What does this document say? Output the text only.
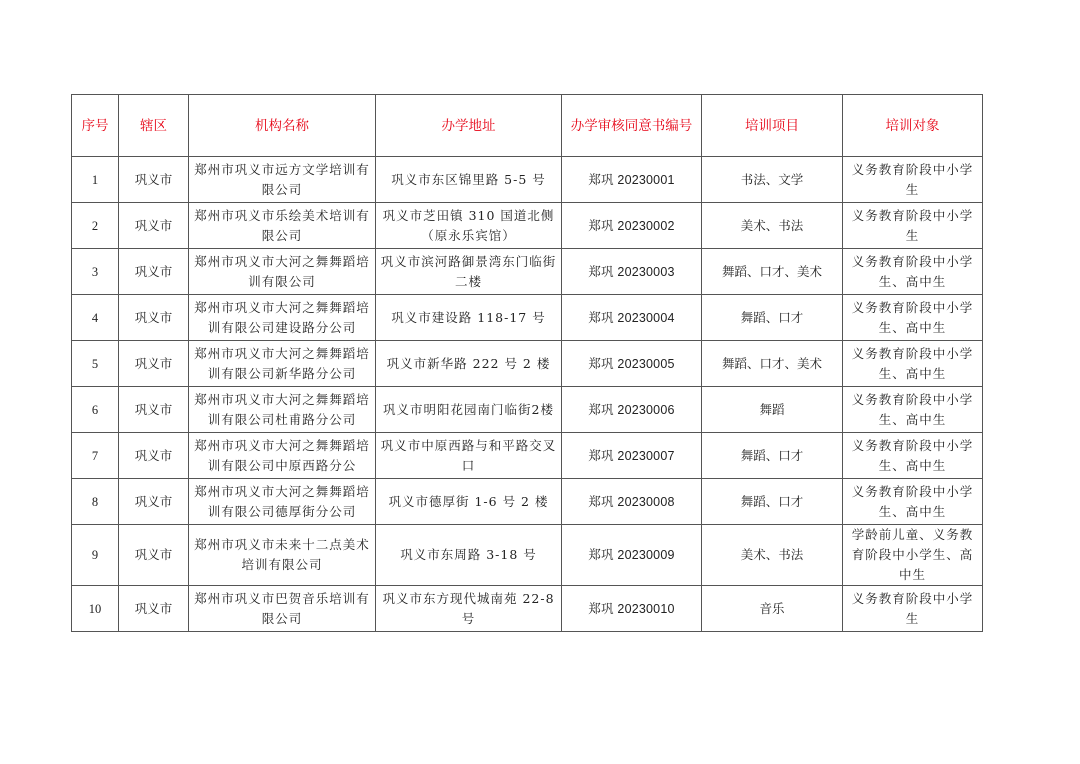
序号	辖区	机构名称	办学地址	办学审核同意书编号	培训项目	培训对象
1	巩义市	郑州市巩义市远方文学培训有限公司	巩义市东区锦里路 5-5 号	郑巩 20230001	书法、文学	义务教育阶段中小学生
2	巩义市	郑州市巩义市乐绘美术培训有限公司	巩义市芝田镇 310 国道北侧（原永乐宾馆）	郑巩 20230002	美术、书法	义务教育阶段中小学生
3	巩义市	郑州市巩义市大河之舞舞蹈培训有限公司	巩义市滨河路御景湾东门临街二楼	郑巩 20230003	舞蹈、口才、美术	义务教育阶段中小学生、高中生
4	巩义市	郑州市巩义市大河之舞舞蹈培训有限公司建设路分公司	巩义市建设路 118-17 号	郑巩 20230004	舞蹈、口才	义务教育阶段中小学生、高中生
5	巩义市	郑州市巩义市大河之舞舞蹈培训有限公司新华路分公司	巩义市新华路 222 号 2 楼	郑巩 20230005	舞蹈、口才、美术	义务教育阶段中小学生、高中生
6	巩义市	郑州市巩义市大河之舞舞蹈培训有限公司杜甫路分公司	巩义市明阳花园南门临街2楼	郑巩 20230006	舞蹈	义务教育阶段中小学生、高中生
7	巩义市	郑州市巩义市大河之舞舞蹈培训有限公司中原西路分公	巩义市中原西路与和平路交叉口	郑巩 20230007	舞蹈、口才	义务教育阶段中小学生、高中生
8	巩义市	郑州市巩义市大河之舞舞蹈培训有限公司德厚街分公司	巩义市德厚街 1-6 号 2 楼	郑巩 20230008	舞蹈、口才	义务教育阶段中小学生、高中生
9	巩义市	郑州市巩义市未来十二点美术培训有限公司	巩义市东周路 3-18 号	郑巩 20230009	美术、书法	学龄前儿童、义务教育阶段中小学生、高中生
10	巩义市	郑州市巩义市巴贺音乐培训有限公司	巩义市东方现代城南苑 22-8 号	郑巩 20230010	音乐	义务教育阶段中小学生
